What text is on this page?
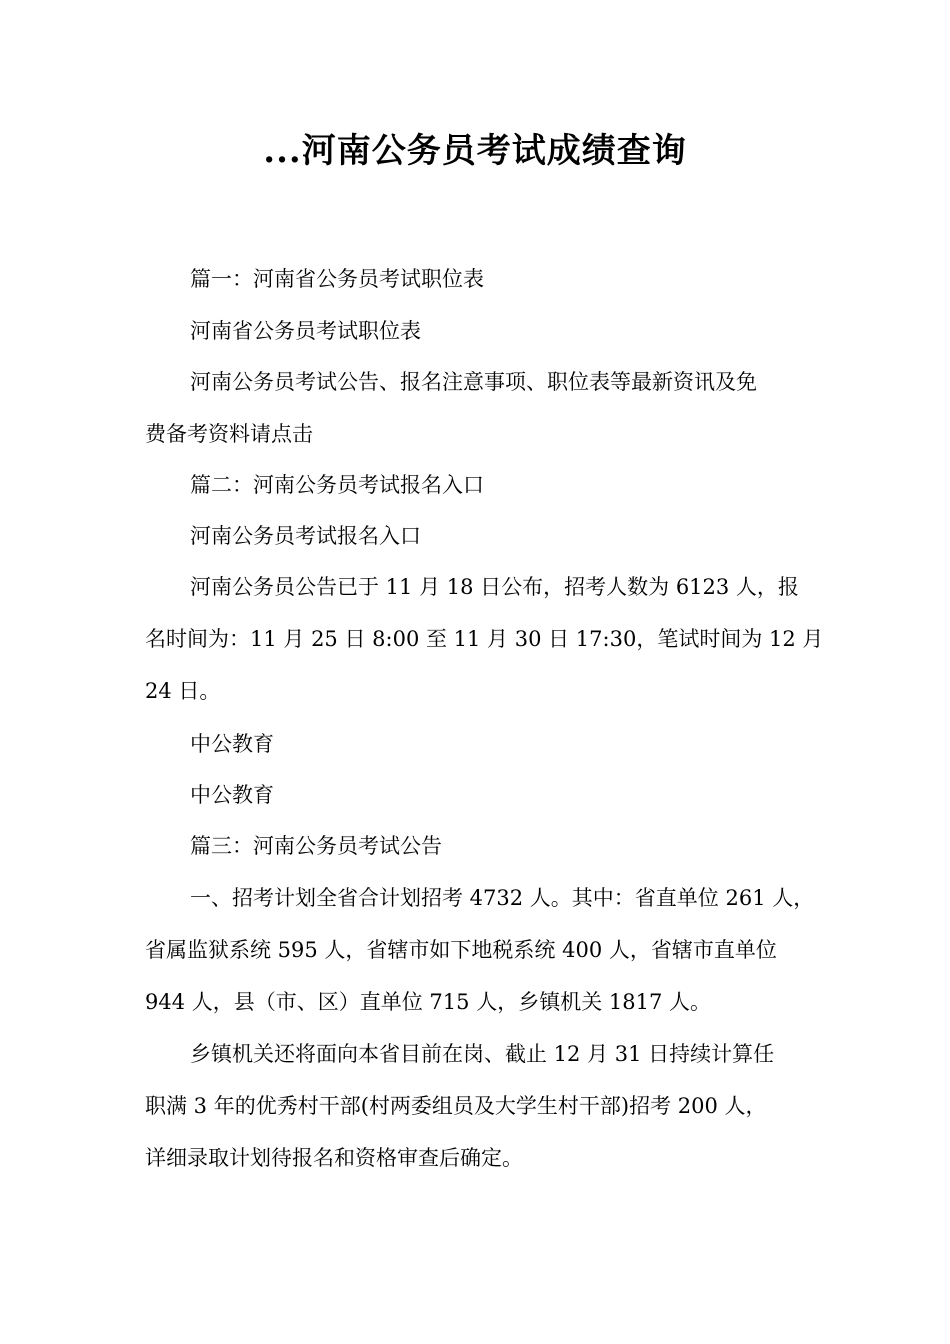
...河南公务员考试成绩查询
篇一：河南省公务员考试职位表
河南省公务员考试职位表
河南公务员考试公告、报名注意事项、职位表等最新资讯及免
费备考资料请点击
篇二：河南公务员考试报名入口
河南公务员考试报名入口
河南公务员公告已于 11 月 18 日公布，招考人数为 6123 人，报
名时间为：11 月 25 日 8:00 至 11 月 30 日 17:30，笔试时间为 12 月
24 日。
中公教育
中公教育
篇三：河南公务员考试公告
一、招考计划全省合计划招考 4732 人。其中：省直单位 261 人，
省属监狱系统 595 人，省辖市如下地税系统 400 人，省辖市直单位
944 人，县（市、区）直单位 715 人，乡镇机关 1817 人。
乡镇机关还将面向本省目前在岗、截止 12 月 31 日持续计算任
职满 3 年的优秀村干部(村两委组员及大学生村干部)招考 200 人，
详细录取计划待报名和资格审查后确定。
